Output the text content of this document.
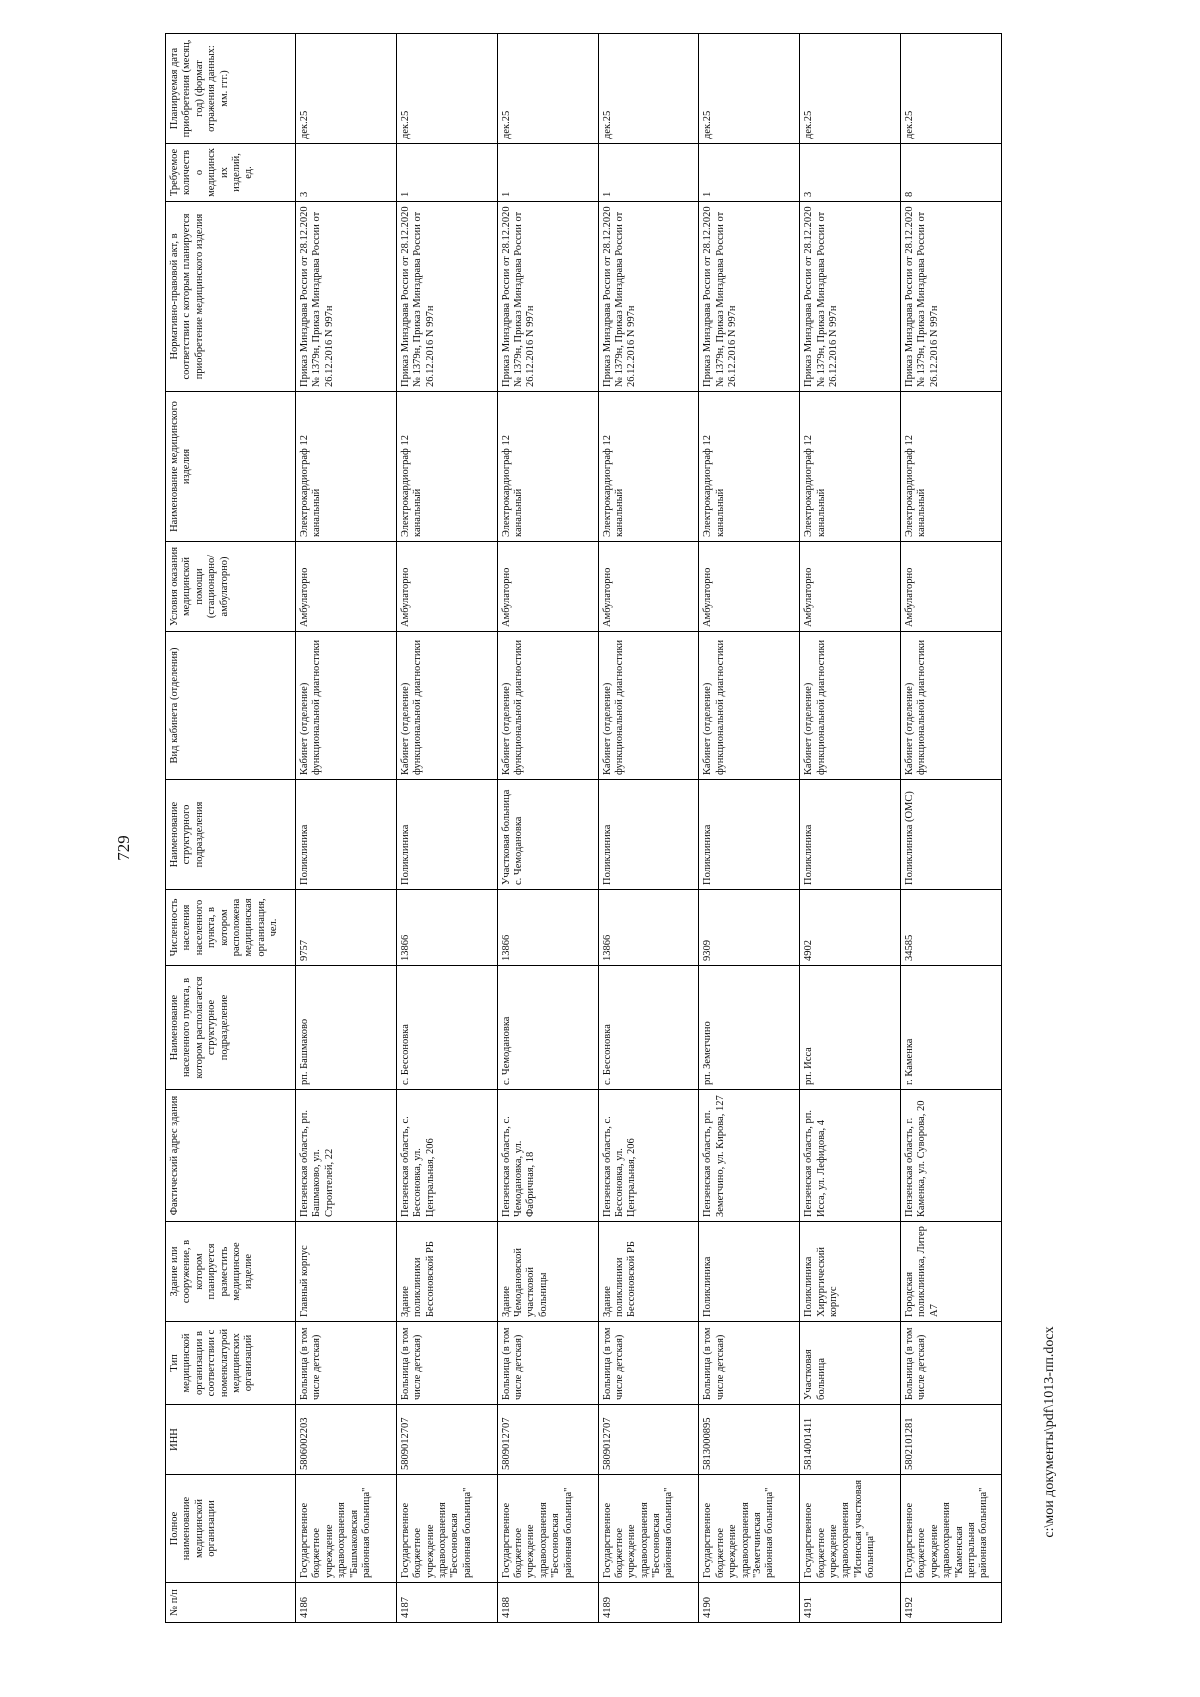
729
№ п/п	Полное наименование медицинской организации	ИНН	Тип медицинской организации в соответствии с номенклатурой медицинских организаций	Здание или сооружение, в котором планируется разместить медицинское изделие	Фактический адрес здания	Наименование населенного пункта, в котором располагается структурное подразделение	Численность населения населенного пункта, в котором расположена медицинская организация, чел.	Наименование структурного подразделения	Вид кабинета (отделения)	Условия оказания медицинской помощи (стационарно/амбулаторно)	Наименование медицинского изделия	Нормативно-правовой акт, в соответствии с которым планируется приобретение медицинского изделия	Требуемое количество медицинских изделий, ед.	Планируемая дата приобретения (месяц, год) (формат отражения данных: мм. ггг.)
4186	Государственное бюджетное учреждение здравоохранения "Башмаковская районная больница"	5806002203	Больница (в том числе детская)	Главный корпус	Пензенская область, рп. Башмаково, ул. Строителей, 22	рп. Башмаково	9757	Поликлиника	Кабинет (отделение) функциональной диагностики	Амбулаторно	Электрокардиограф 12 канальный	Приказ Минздрава России от 28.12.2020 № 1379н, Приказ Минздрава России от 26.12.2016 N 997н	3	дек.25
4187	Государственное бюджетное учреждение здравоохранения "Бессоновская районная больница"	5809012707	Больница (в том числе детская)	Здание поликлиники Бессоновской РБ	Пензенская область, с. Бессоновка, ул. Центральная, 206	с. Бессоновка	13866	Поликлиника	Кабинет (отделение) функциональной диагностики	Амбулаторно	Электрокардиограф 12 канальный	Приказ Минздрава России от 28.12.2020 № 1379н, Приказ Минздрава России от 26.12.2016 N 997н	1	дек.25
4188	Государственное бюджетное учреждение здравоохранения "Бессоновская районная больница"	5809012707	Больница (в том числе детская)	Здание Чемодановской участковой больницы	Пензенская область, с. Чемодановка, ул. Фабричная, 18	с. Чемодановка	13866	Участковая больница с. Чемодановка	Кабинет (отделение) функциональной диагностики	Амбулаторно	Электрокардиограф 12 канальный	Приказ Минздрава России от 28.12.2020 № 1379н, Приказ Минздрава России от 26.12.2016 N 997н	1	дек.25
4189	Государственное бюджетное учреждение здравоохранения "Бессоновская районная больница"	5809012707	Больница (в том числе детская)	Здание поликлиники Бессоновской РБ	Пензенская область, с. Бессоновка, ул. Центральная, 206	с. Бессоновка	13866	Поликлиника	Кабинет (отделение) функциональной диагностики	Амбулаторно	Электрокардиограф 12 канальный	Приказ Минздрава России от 28.12.2020 № 1379н, Приказ Минздрава России от 26.12.2016 N 997н	1	дек.25
4190	Государственное бюджетное учреждение здравоохранения "Земетчинская районная больница"	5813000895	Больница (в том числе детская)	Поликлиника	Пензенская область, рп. Земетчино, ул. Кирова, 127	рп. Земетчино	9309	Поликлиника	Кабинет (отделение) функциональной диагностики	Амбулаторно	Электрокардиограф 12 канальный	Приказ Минздрава России от 28.12.2020 № 1379н, Приказ Минздрава России от 26.12.2016 N 997н	1	дек.25
4191	Государственное бюджетное учреждение здравоохранения "Исинская участковая больница"	5814001411	Участковая больница	Поликлиника Хирургический корпус	Пензенская область, рп. Исса, ул. Лефидова, 4	рп. Исса	4902	Поликлиника	Кабинет (отделение) функциональной диагностики	Амбулаторно	Электрокардиограф 12 канальный	Приказ Минздрава России от 28.12.2020 № 1379н, Приказ Минздрава России от 26.12.2016 N 997н	3	дек.25
4192	Государственное бюджетное учреждение здравоохранения "Каменская центральная районная больница"	5802101281	Больница (в том числе детская)	Городская поликлиника, Литер А7	Пензенская область, г. Каменка, ул. Суворова, 20	г. Каменка	34585	Поликлиника (ОМС)	Кабинет (отделение) функциональной диагностики	Амбулаторно	Электрокардиограф 12 канальный	Приказ Минздрава России от 28.12.2020 № 1379н, Приказ Минздрава России от 26.12.2016 N 997н	8	дек.25
c:\мои документы\pdf\1013-пп.docx
